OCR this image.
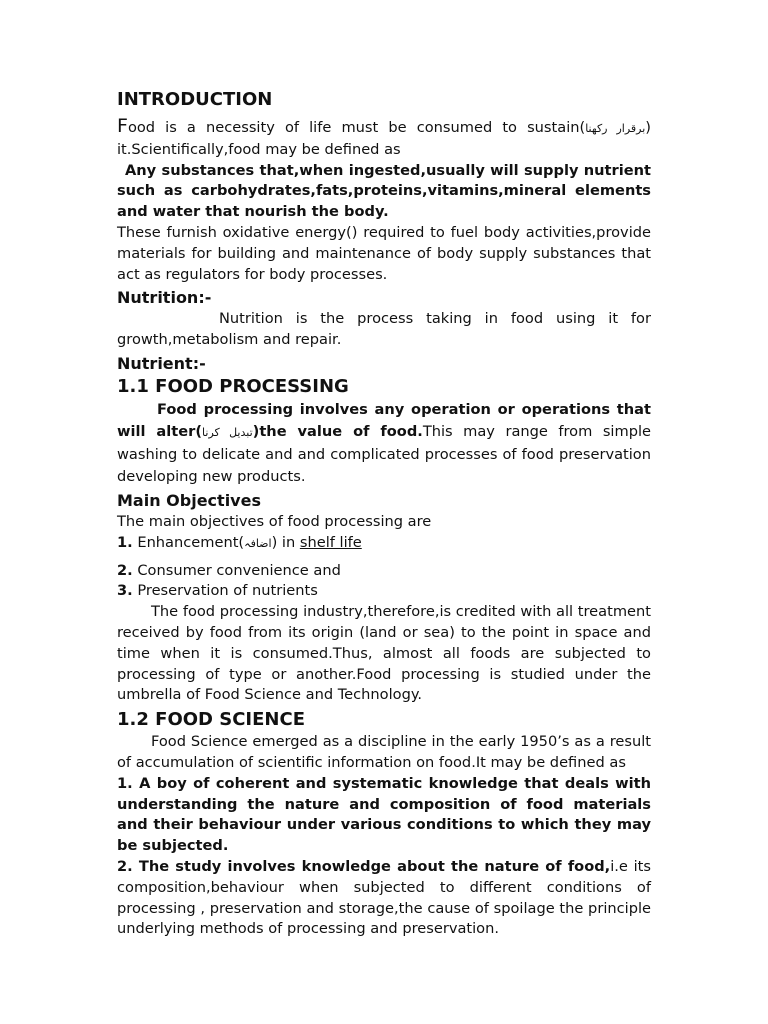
INTRODUCTION

Food is a necessity of life must be consumed to sustain(برقرار رکھنا) it.Scientifically,food may be defined as

Any substances that,when ingested,usually will supply nutrient such as carbohydrates,fats,proteins,vitamins,mineral elements and water that nourish the body.

These furnish oxidative energy() required to fuel body activities,provide materials for building and maintenance of body supply substances that act as regulators for body processes.

Nutrition:-

Nutrition is the process taking in food using it for growth,metabolism and repair.

Nutrient:-
1.1 FOOD PROCESSING

Food processing involves any operation or operations that will alter(تبدیل کرنا)the value of food.This may range from simple washing to delicate and and complicated processes of food preservation developing new products.

Main Objectives

The main objectives of food processing are

1. Enhancement(اضافہ) in shelf life

2. Consumer convenience and

3. Preservation of nutrients

The food processing industry,therefore,is credited with all treatment received by food from its origin (land or sea) to the point in space and time when it is consumed.Thus, almost all foods are subjected to processing of type or another.Food processing is studied under the umbrella of Food Science and Technology.

1.2 FOOD SCIENCE

Food Science emerged as a discipline in the early 1950’s as a result of accumulation of scientific information on food.It may be defined as

1. A boy of coherent and systematic knowledge that deals with understanding the nature and composition of food materials and their behaviour under various conditions to which they may be subjected.

2. The study involves knowledge about the nature of food,i.e its composition,behaviour when subjected to different conditions of processing , preservation and storage,the cause of spoilage the principle underlying methods of processing and preservation.
